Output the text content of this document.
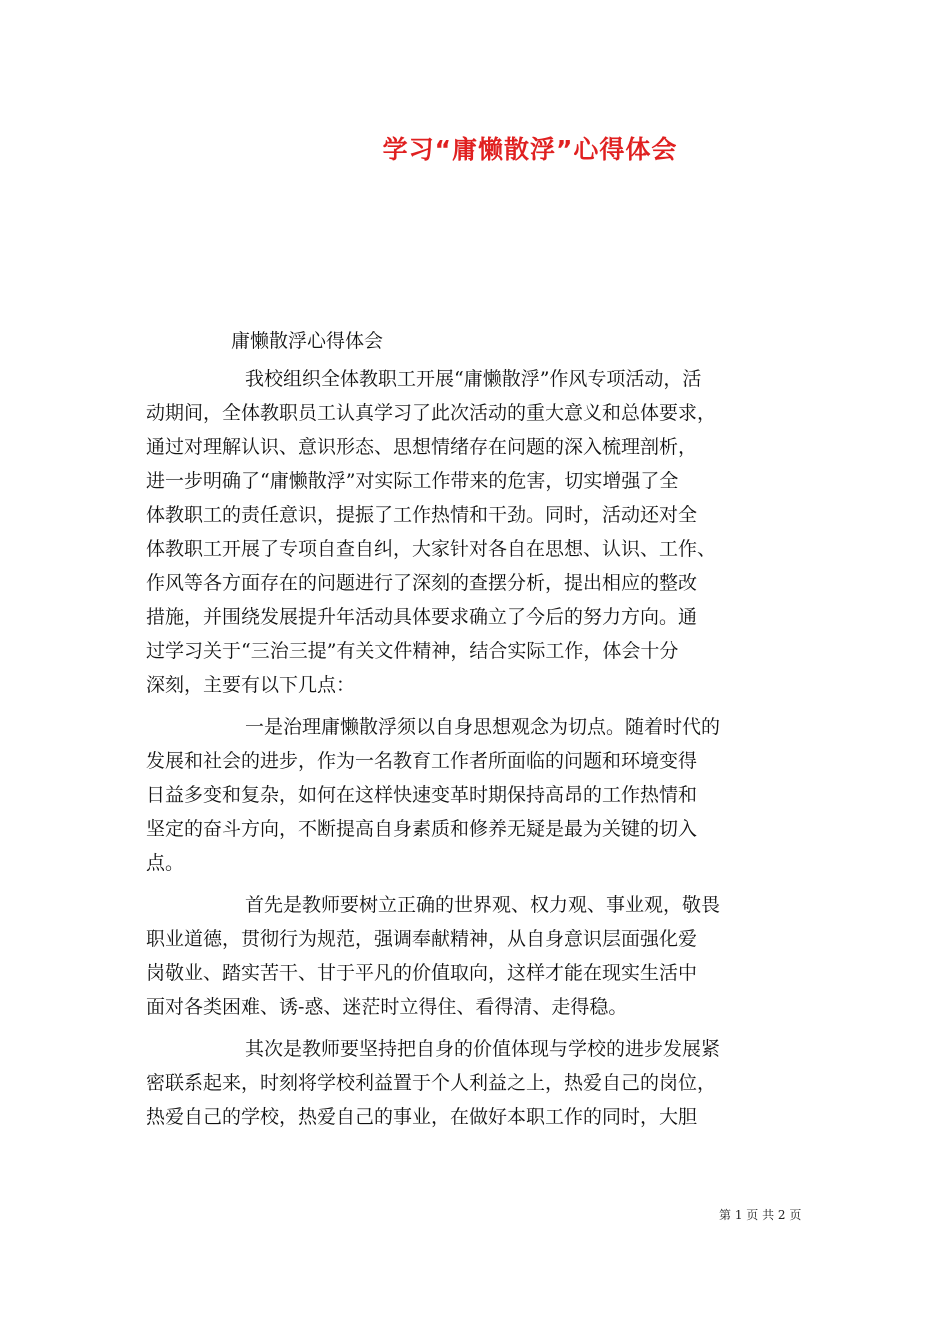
学习“庸懒散浮”心得体会
庸懒散浮心得体会
我校组织全体教职工开展“庸懒散浮”作风专项活动，活
动期间，全体教职员工认真学习了此次活动的重大意义和总体要求，
通过对理解认识、意识形态、思想情绪存在问题的深入梳理剖析，
进一步明确了“庸懒散浮”对实际工作带来的危害，切实增强了全
体教职工的责任意识，提振了工作热情和干劲。同时，活动还对全
体教职工开展了专项自查自纠，大家针对各自在思想、认识、工作、
作风等各方面存在的问题进行了深刻的查摆分析，提出相应的整改
措施，并围绕发展提升年活动具体要求确立了今后的努力方向。通
过学习关于“三治三提”有关文件精神，结合实际工作，体会十分
深刻，主要有以下几点：
一是治理庸懒散浮须以自身思想观念为切点。随着时代的
发展和社会的进步，作为一名教育工作者所面临的问题和环境变得
日益多变和复杂，如何在这样快速变革时期保持高昂的工作热情和
坚定的奋斗方向，不断提高自身素质和修养无疑是最为关键的切入
点。
首先是教师要树立正确的世界观、权力观、事业观，敬畏
职业道德，贯彻行为规范，强调奉献精神，从自身意识层面强化爱
岗敬业、踏实苦干、甘于平凡的价值取向，这样才能在现实生活中
面对各类困难、诱-惑、迷茫时立得住、看得清、走得稳。
其次是教师要坚持把自身的价值体现与学校的进步发展紧
密联系起来，时刻将学校利益置于个人利益之上，热爱自己的岗位，
热爱自己的学校，热爱自己的事业，在做好本职工作的同时，大胆
第 1 页 共 2 页
